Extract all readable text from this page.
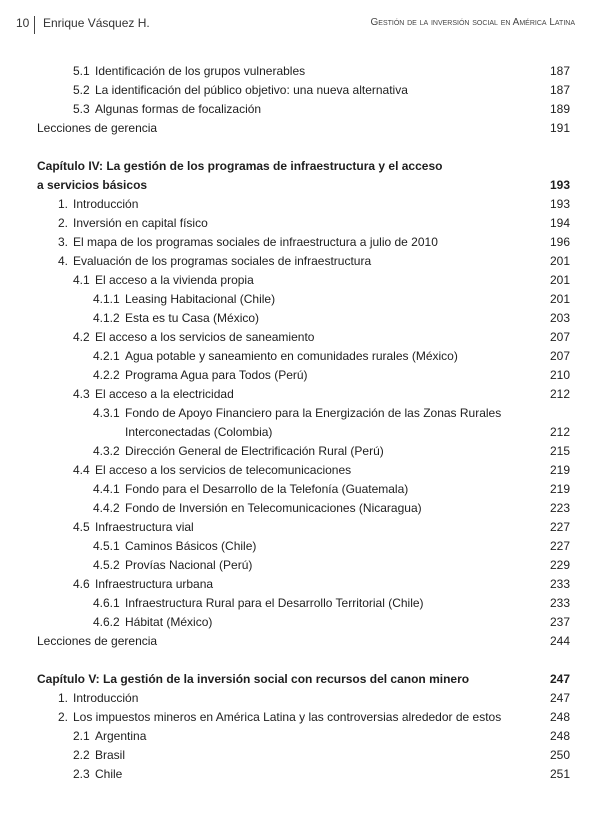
10 Enrique Vásquez H.	Gestión de la inversión social en América Latina
5.1 Identificación de los grupos vulnerables	187
5.2 La identificación del público objetivo: una nueva alternativa	187
5.3 Algunas formas de focalización	189
Lecciones de gerencia	191
Capítulo IV: La gestión de los programas de infraestructura y el acceso
a servicios básicos	193
1. Introducción	193
2. Inversión en capital físico	194
3. El mapa de los programas sociales de infraestructura a julio de 2010	196
4. Evaluación de los programas sociales de infraestructura	201
4.1 El acceso a la vivienda propia	201
4.1.1 Leasing Habitacional (Chile)	201
4.1.2 Esta es tu Casa (México)	203
4.2 El acceso a los servicios de saneamiento	207
4.2.1 Agua potable y saneamiento en comunidades rurales (México)	207
4.2.2 Programa Agua para Todos (Perú)	210
4.3 El acceso a la electricidad	212
4.3.1 Fondo de Apoyo Financiero para la Energización de las Zonas Rurales
Interconectadas (Colombia)	212
4.3.2 Dirección General de Electrificación Rural (Perú)	215
4.4 El acceso a los servicios de telecomunicaciones	219
4.4.1 Fondo para el Desarrollo de la Telefonía (Guatemala)	219
4.4.2 Fondo de Inversión en Telecomunicaciones (Nicaragua)	223
4.5 Infraestructura vial	227
4.5.1 Caminos Básicos (Chile)	227
4.5.2 Provías Nacional (Perú)	229
4.6 Infraestructura urbana	233
4.6.1 Infraestructura Rural para el Desarrollo Territorial (Chile)	233
4.6.2 Hábitat (México)	237
Lecciones de gerencia	244
Capítulo V: La gestión de la inversión social con recursos del canon minero	247
1. Introducción	247
2. Los impuestos mineros en América Latina y las controversias alrededor de estos	248
2.1 Argentina	248
2.2 Brasil	250
2.3 Chile	251
